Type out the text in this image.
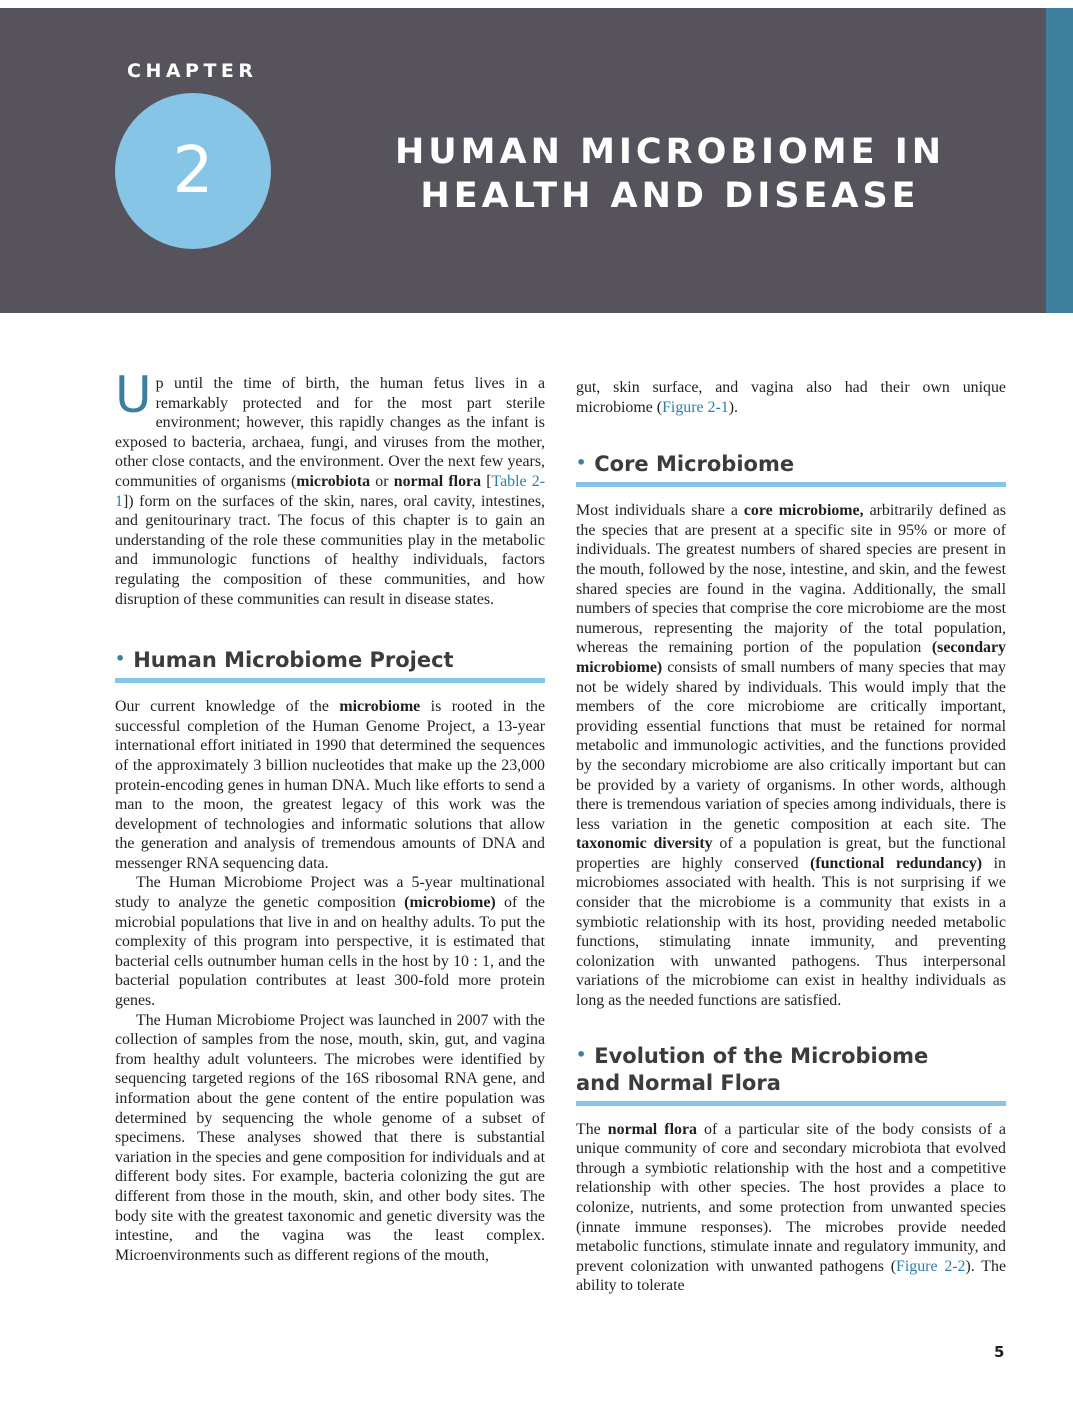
CHAPTER
2	HUMAN MICROBIOME IN
HEALTH AND DISEASE

Up until the time of birth, the human fetus lives in a remarkably protected and for the most part sterile environment; however, this rapidly changes as the infant is exposed to bacteria, archaea, fungi, and viruses from the mother, other close contacts, and the environment. Over the next few years, communities of organisms (microbiota or normal flora [Table 2-1]) form on the surfaces of the skin, nares, oral cavity, intestines, and genitourinary tract. The focus of this chapter is to gain an understanding of the role these communities play in the metabolic and immunologic functions of healthy individuals, factors regulating the composition of these communities, and how disruption of these communities can result in disease states.

• Human Microbiome Project

Our current knowledge of the microbiome is rooted in the successful completion of the Human Genome Project, a 13-year international effort initiated in 1990 that determined the sequences of the approximately 3 billion nucleotides that make up the 23,000 protein-encoding genes in human DNA. Much like efforts to send a man to the moon, the greatest legacy of this work was the development of technologies and informatic solutions that allow the generation and analysis of tremendous amounts of DNA and messenger RNA sequencing data.

The Human Microbiome Project was a 5-year multinational study to analyze the genetic composition (microbiome) of the microbial populations that live in and on healthy adults. To put the complexity of this program into perspective, it is estimated that bacterial cells outnumber human cells in the host by 10 : 1, and the bacterial population contributes at least 300-fold more protein genes.

The Human Microbiome Project was launched in 2007 with the collection of samples from the nose, mouth, skin, gut, and vagina from healthy adult volunteers. The microbes were identified by sequencing targeted regions of the 16S ribosomal RNA gene, and information about the gene content of the entire population was determined by sequencing the whole genome of a subset of specimens. These analyses showed that there is substantial variation in the species and gene composition for individuals and at different body sites. For example, bacteria colonizing the gut are different from those in the mouth, skin, and other body sites. The body site with the greatest taxonomic and genetic diversity was the intestine, and the vagina was the least complex. Microenvironments such as different regions of the mouth,

gut, skin surface, and vagina also had their own unique microbiome (Figure 2-1).

• Core Microbiome

Most individuals share a core microbiome, arbitrarily defined as the species that are present at a specific site in 95% or more of individuals. The greatest numbers of shared species are present in the mouth, followed by the nose, intestine, and skin, and the fewest shared species are found in the vagina. Additionally, the small numbers of species that comprise the core microbiome are the most numerous, representing the majority of the total population, whereas the remaining portion of the population (secondary microbiome) consists of small numbers of many species that may not be widely shared by individuals. This would imply that the members of the core microbiome are critically important, providing essential functions that must be retained for normal metabolic and immunologic activities, and the functions provided by the secondary microbiome are also critically important but can be provided by a variety of organisms. In other words, although there is tremendous variation of species among individuals, there is less variation in the genetic composition at each site. The taxonomic diversity of a population is great, but the functional properties are highly conserved (functional redundancy) in microbiomes associated with health. This is not surprising if we consider that the microbiome is a community that exists in a symbiotic relationship with its host, providing needed metabolic functions, stimulating innate immunity, and preventing colonization with unwanted pathogens. Thus interpersonal variations of the microbiome can exist in healthy individuals as long as the needed functions are satisfied.

• Evolution of the Microbiome
and Normal Flora

The normal flora of a particular site of the body consists of a unique community of core and secondary microbiota that evolved through a symbiotic relationship with the host and a competitive relationship with other species. The host provides a place to colonize, nutrients, and some protection from unwanted species (innate immune responses). The microbes provide needed metabolic functions, stimulate innate and regulatory immunity, and prevent colonization with unwanted pathogens (Figure 2-2). The ability to tolerate

5
